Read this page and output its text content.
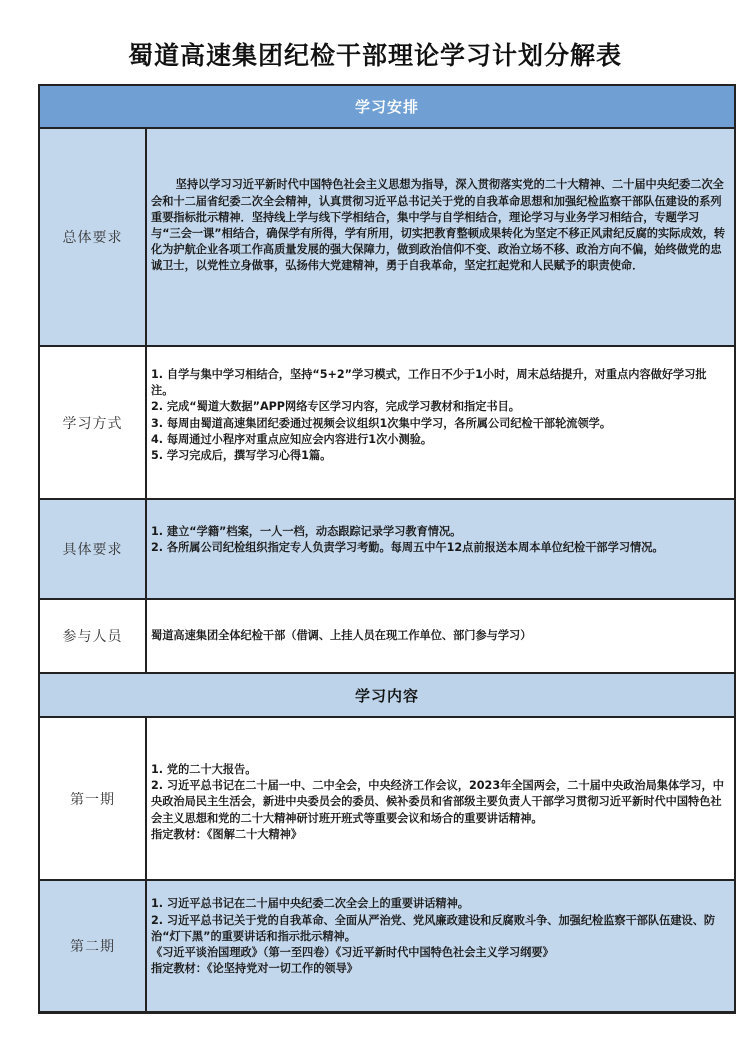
蜀道高速集团纪检干部理论学习计划分解表
学习安排
总体要求

坚持以学习习近平新时代中国特色社会主义思想为指导，深入贯彻落实党的二十大精神、二十届中央纪委二次全会和十二届省纪委二次全会精神，认真贯彻习近平总书记关于党的自我革命思想和加强纪检监察干部队伍建设的系列重要指标批示精神．坚持线上学与线下学相结合，集中学与自学相结合，理论学习与业务学习相结合，专题学习与“三会一课”相结合，确保学有所得，学有所用，切实把教育整顿成果转化为坚定不移正风肃纪反腐的实际成效，转化为护航企业各项工作高质量发展的强大保障力，做到政治信仰不变、政治立场不移、政治方向不偏，始终做党的忠诚卫士，以党性立身做事，弘扬伟大党建精神，勇于自我革命，坚定扛起党和人民赋予的职责使命．

学习方式

1. 自学与集中学习相结合，坚持“5+2”学习模式，工作日不少于1小时，周末总结提升，对重点内容做好学习批注。

2. 完成“蜀道大数据”APP网络专区学习内容，完成学习教材和指定书目。

3. 每周由蜀道高速集团纪委通过视频会议组织1次集中学习，各所属公司纪检干部轮流领学。

4. 每周通过小程序对重点应知应会内容进行1次小测验。

5. 学习完成后，撰写学习心得1篇。

具体要求

1. 建立“学籍”档案，一人一档，动态跟踪记录学习教育情况。

2. 各所属公司纪检组织指定专人负责学习考勤。每周五中午12点前报送本周本单位纪检干部学习情况。

参与人员	蜀道高速集团全体纪检干部（借调、上挂人员在现工作单位、部门参与学习）

学习内容
第一期

1. 党的二十大报告。

2. 习近平总书记在二十届一中、二中全会，中央经济工作会议，2023年全国两会，二十届中央政治局集体学习，中央政治局民主生活会，新进中央委员会的委员、候补委员和省部级主要负责人干部学习贯彻习近平新时代中国特色社会主义思想和党的二十大精神研讨班开班式等重要会议和场合的重要讲话精神。

指定教材：《图解二十大精神》

第二期

1. 习近平总书记在二十届中央纪委二次全会上的重要讲话精神。

2. 习近平总书记关于党的自我革命、全面从严治党、党风廉政建设和反腐败斗争、加强纪检监察干部队伍建设、防治“灯下黑”的重要讲话和指示批示精神。

《习近平谈治国理政》（第一至四卷）《习近平新时代中国特色社会主义学习纲要》

指定教材：《论坚持党对一切工作的领导》
